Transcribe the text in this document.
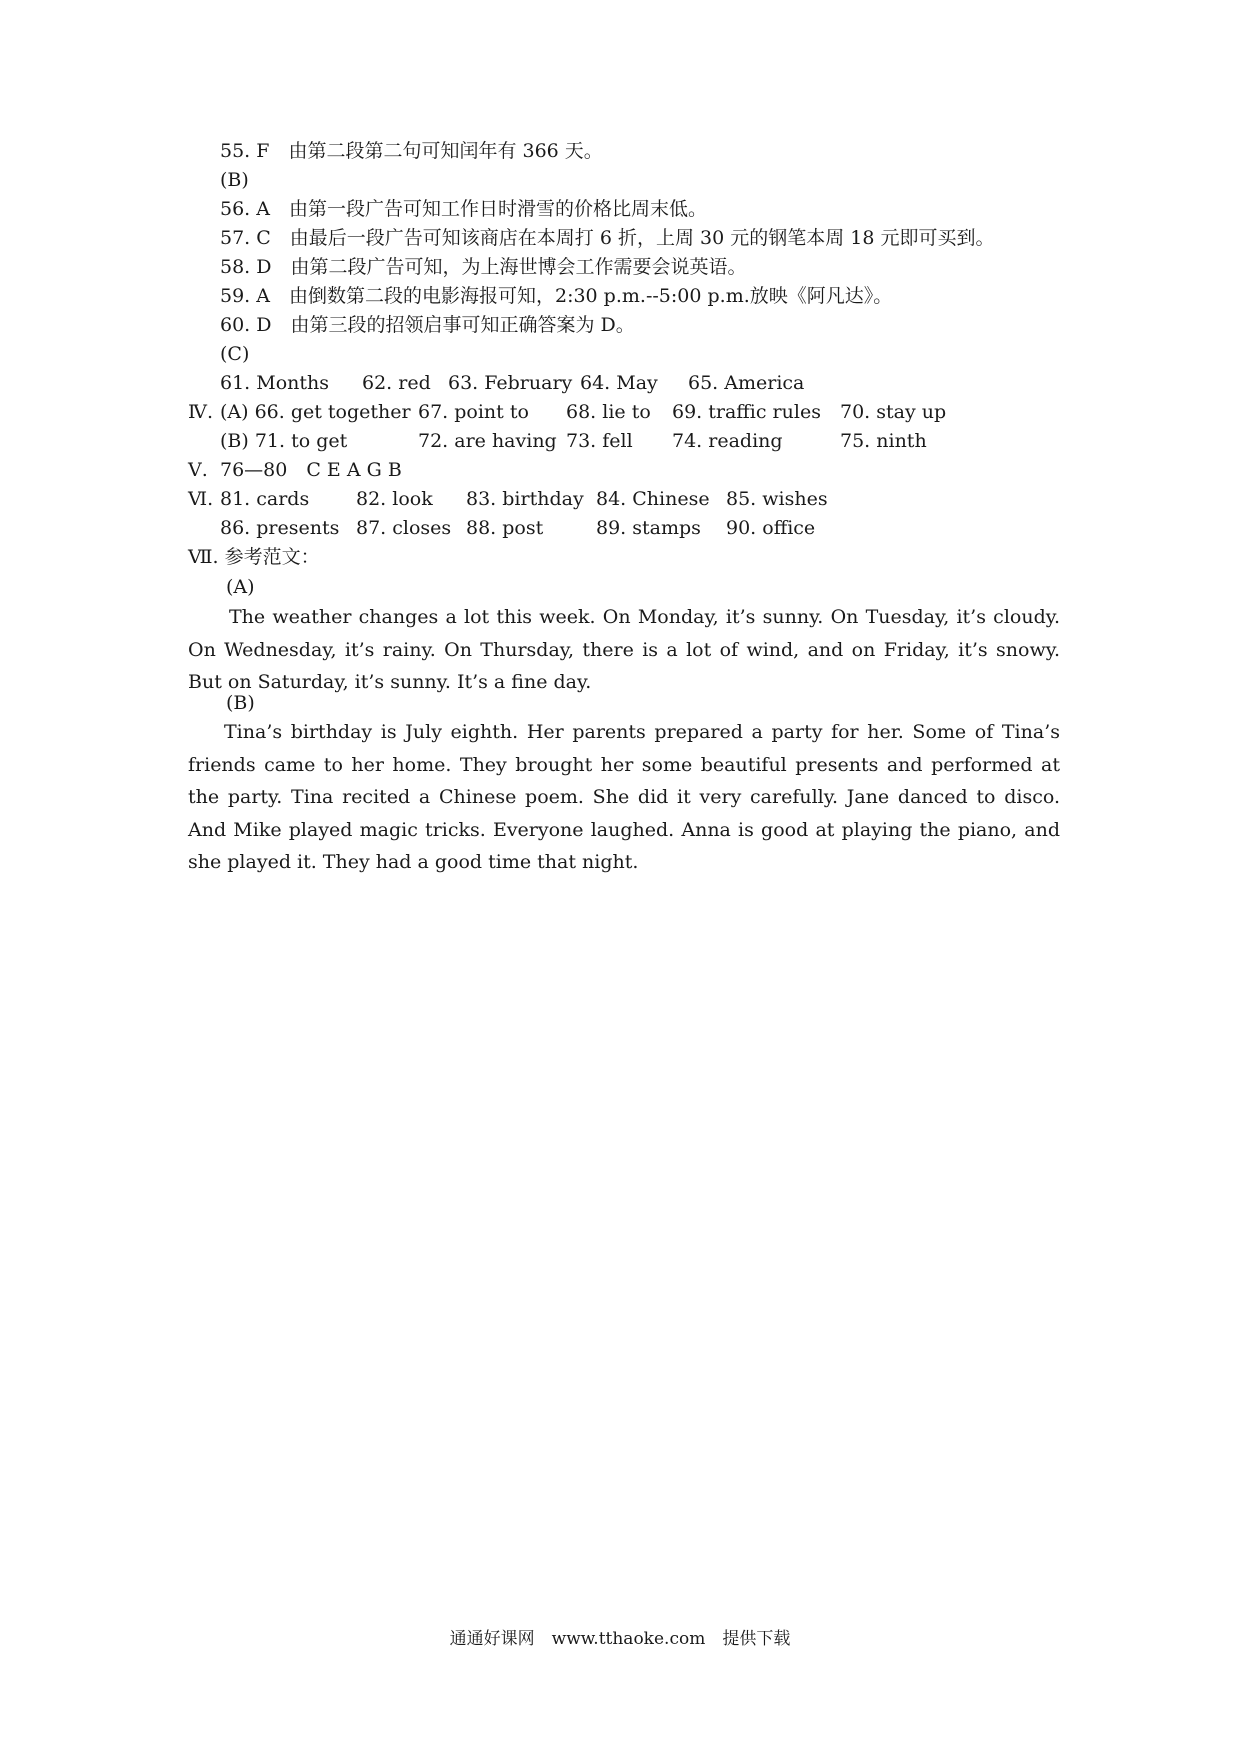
55. F　由第二段第二句可知闰年有 366 天。
(B)
56. A　由第一段广告可知工作日时滑雪的价格比周末低。
57. C　由最后一段广告可知该商店在本周打 6 折，上周 30 元的钢笔本周 18 元即可买到。
58. D　由第二段广告可知，为上海世博会工作需要会说英语。
59. A　由倒数第二段的电影海报可知，2:30 p.m.--5:00 p.m.放映《阿凡达》。
60. D　由第三段的招领启事可知正确答案为 D。
(C)
61. Months 62. red 63. February 64. May 65. America
Ⅳ. (A) 66. get together 67. point to 68. lie to 69. traffic rules 70. stay up
(B) 71. to get	72. are having 73. fell 74. reading	75. ninth
Ⅴ. 76—80　C E A G B
Ⅵ. 81. cards 82. look 83. birthday 84. Chinese 85. wishes
86. presents 87. closes 88. post	89. stamps 90. office
Ⅶ. 参考范文：
(A)
The weather changes a lot this week. On Monday, it’s sunny. On Tuesday, it’s cloudy. On Wednesday, it’s rainy. On Thursday, there is a lot of wind, and on Friday, it’s snowy. But on Saturday, it’s sunny. It’s a fine day.
(B)
Tina’s birthday is July eighth. Her parents prepared a party for her. Some of Tina’s friends came to her home. They brought her some beautiful presents and performed at the party. Tina recited a Chinese poem. She did it very carefully. Jane danced to disco. And Mike played magic tricks. Everyone laughed. Anna is good at playing the piano, and she played it. They had a good time that night.
通通好课网　www.tthaoke.com　提供下载
